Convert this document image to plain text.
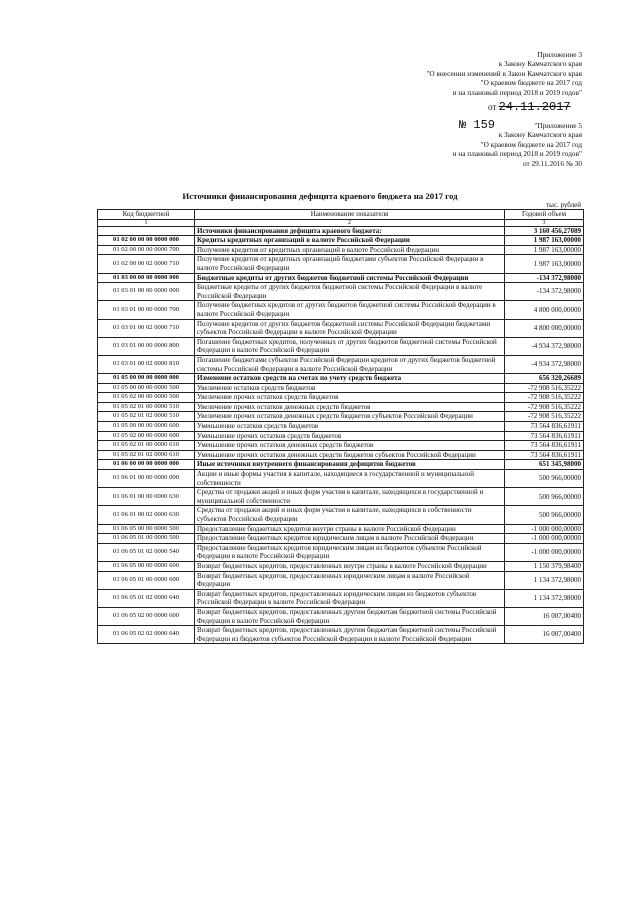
Приложение 3
к Закону Камчатского края
"О внесении изменений в Закон Камчатского края
"О краевом бюджете на 2017 год
и на плановый период 2018 и 2019 годов"
от 24.11.2017
№ 159	"Приложение 5
к Закону Камчатского края
"О краевом бюджете на 2017 год
и на плановый период 2018 и 2019 годов"
от 29.11.2016 № 30
Источники финансирования дефицита краевого бюджета на 2017 год
тыс. рублей
Код бюджетной	Наименование показателя	Годовой объем
1	2	3
	Источники финансирования дефицита краевого бюджета:	3 160 456,27089
01 02 00 00 00 0000 000	Кредиты кредитных организаций в валюте Российской Федерации	1 987 163,00000
01 02 00 00 00 0000 700	Получение кредитов от кредитных организаций в валюте Российской Федерации	1 987 163,00000
01 02 00 00 02 0000 710	Получение кредитов от кредитных организаций бюджетами субъектов Российской Федерации в валюте Российской Федерации	1 987 163,00000
01 03 00 00 00 0000 000	Бюджетные кредиты от других бюджетов бюджетной системы Российской Федерации	-134 372,98000
01 03 01 00 00 0000 000	Бюджетные кредиты от других бюджетов бюджетной системы Российской Федерации в валюте Российской Федерации	-134 372,98000
01 03 01 00 00 0000 700	Получение бюджетных кредитов от других бюджетов бюджетной системы Российской Федерации в валюте Российской Федерации	4 800 000,00000
01 03 01 00 02 0000 710	Получение кредитов от других бюджетов бюджетной системы Российской Федерации бюджетами субъектов Российской Федерации в валюте Российской Федерации	4 800 000,00000
01 03 01 00 00 0000 800	Погашение бюджетных кредитов, полученных от других бюджетов бюджетной системы Российской Федерации в валюте Российской Федерации	-4 934 372,98000
01 03 01 00 02 0000 810	Погашение бюджетами субъектов Российской Федерации кредитов от других бюджетов бюджетной системы Российской Федерации в валюте Российской Федерации	-4 934 372,98000
01 05 00 00 00 0000 000	Изменение остатков средств на счетах по учету средств бюджета	656 320,26689
01 05 00 00 00 0000 500	Увеличение остатков средств бюджетов	-72 908 516,35222
01 05 02 00 00 0000 500	Увеличение прочих остатков средств бюджетов	-72 908 516,35222
01 05 02 01 00 0000 510	Увеличение прочих остатков денежных средств бюджетов	-72 908 516,35222
01 05 02 01 02 0000 510	Увеличение прочих остатков денежных средств бюджетов субъектов Российской Федерации	-72 908 516,35222
01 05 00 00 00 0000 600	Уменьшение остатков средств бюджетов	73 564 836,61911
01 05 02 00 00 0000 600	Уменьшение прочих остатков средств бюджетов	73 564 836,61911
01 05 02 01 00 0000 610	Уменьшение прочих остатков денежных средств бюджетов	73 564 836,61911
01 05 02 01 02 0000 610	Уменьшение прочих остатков денежных средств бюджетов субъектов Российской Федерации	73 564 836,61911
01 06 00 00 00 0000 000	Иные источники внутреннего финансирования дефицитов бюджетов	651 345,98000
01 06 01 00 00 0000 000	Акции и иные формы участия в капитале, находящиеся в государственной и муниципальной собственности	500 966,00000
01 06 01 00 00 0000 630	Средства от продажи акций и иных форм участия в капитале, находящихся в государственной и муниципальной собственности	500 966,00000
01 06 01 00 02 0000 630	Средства от продажи акций и иных форм участия в капитале, находящихся в собственности субъектов Российской Федерации	500 966,00000
01 06 05 00 00 0000 500	Предоставление бюджетных кредитов внутри страны в валюте Российской Федерации	-1 000 000,00000
01 06 05 01 00 0000 500	Предоставление бюджетных кредитов юридическим лицам в валюте Российской Федерации	-1 000 000,00000
01 06 05 01 02 0000 540	Предоставление бюджетных кредитов юридическим лицам из бюджетов субъектов Российской Федерации в валюте Российской Федерации	-1 000 000,00000
01 06 05 00 00 0000 600	Возврат бюджетных кредитов, предоставленных внутри страны в валюте Российской Федерации	1 150 379,98400
01 06 05 01 00 0000 600	Возврат бюджетных кредитов, предоставленных юридическим лицам в валюте Российской Федерации	1 134 372,98000
01 06 05 01 02 0000 640	Возврат бюджетных кредитов, предоставленных юридическим лицам из бюджетов субъектов Российской Федерации в валюте Российской Федерации	1 134 372,98000
01 06 05 02 00 0000 600	Возврат бюджетных кредитов, предоставленных другим бюджетам бюджетной системы Российской Федерации в валюте Российской Федерации	16 007,00400
01 06 05 02 02 0000 640	Возврат бюджетных кредитов, предоставленных другим бюджетам бюджетной системы Российской Федерации из бюджетов субъектов Российской Федерации в валюте Российской Федерации	16 007,00400
